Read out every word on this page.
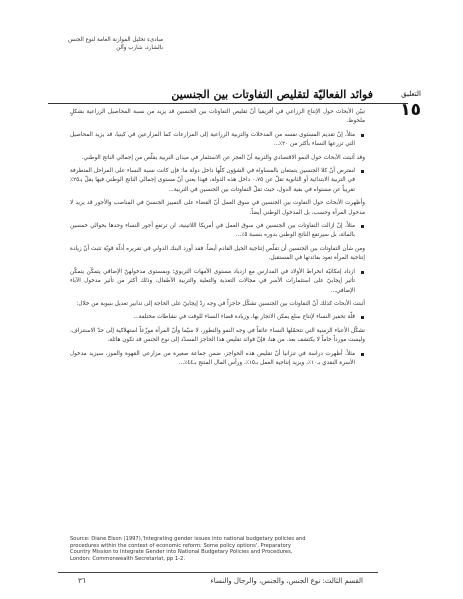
مبادىء تحليل الموازنة العامة لنوع الجنس
بالشارد، شارب وآلن
فوائد الفعاليّة لتقليص التفاوتات بين الجنسين	التعليق
١٥

تبيّن الأبحاث حول الإنتاج الزراعي في أفريقيا أنّ تقليص التفاوتات بين الجنسين قد يزيد من نسبة المحاصيل الزراعية بشكلٍ ملحوظ.

مثلاً، إنّ تقديم المستوى نفسه من المدخلات والتربية الزراعية إلى المزارعات كما المزارعين في كينيا، قد يزيد المحاصيل التي تزرعها النساء بأكثر من ٢٠٪...

وقد أثبتت الأبحاث حول النمو الاقتصادي والتربية أنّ العجز عن الاستثمار في ميدان التربية يقلّص من إجمالي الناتج الوطني.

لنفترض أنّ كلا الجنسين يتمتعان بالمساواة في الشؤون كلّها داخل دولة ما؛ فإن كانت نسبة النساء على المراحل المتطرفة في التربية الابتدائية أو الثانوية تقلّ عن ٠،٧٥ داخل هذه الدولة، فهذا يعني أنّ مستوى إجمالي الناتج الوطني فيها يقلّ بـ٢٥٪ تقريباً عن مستواه في بقية الدول، حيث تقلّ التفاوتات بين الجنسين في التربية...

وأظهرت الأبحاث حول التفاوت بين الجنسين في سوق العمل أنّ القضاء على التمييز الجنسيّ في المناصب والأجور قد يزيد لا مدخول المرأة وحسب، بل المدخول الوطني أيضاً.

مثلاً، إنّ ازالت التفاوتات بين الجنسين في سوق العمل في أمريكا اللاتينية، لن ترتفع أجور النساء وحدها بحوالي خمسين بالمائة، بل سيرتفع الناتج الوطني بدوره بنسبة ٥٪...

ومن شأن التفاوتات بين الجنسين أن تقلّص إنتاجية الجيل القادم أيضاً. فقد أورد البنك الدولي في تقريره أدلّة قويّة تثبت أنّ زيادة إنتاجية المرأة تعود بفائدتها في المستقبل.

ازداد إمكانيّة انخراط الأولاد في المدارس مع ازدياد مستوى الأمهات التربوي؛ وبمستوى مدخولهنّ الإضافي يتمكّن يتمكّن تأثير إيجابيّ على استثمارات الأسر في مجالات التغذية والتعلية والتربية الأطفال، وذلك أكثر من تأثير مدخول الآباء الإضافي...

أثبتت الأبحاث كذلك أنّ التفاوتات بين الجنسين تشكّل حاجزاً في وجه ردّ إيجابيّ على الحاجة إلى تدابير تعديل بنيوية من خلال:

قلّة تحفيز النساء لإنتاج سلع يمكن الاتجار بها، وزيادة قضاء النساء للوقت في نشاطات مختلفة...

تشكّل الأعباء الزمنية التي تتحمّلها النساء عائقاً في وجه النمو والتطور، لا سيّما وأنّ المرأة موزّعاً استهلاكية إلى حدّ الاستنزاف، وليست مورداً خاماً لا يكتشف بعد. من هنا، فإنّ فوائد تقليص هذا الحاجز المسدّد إلى نوع الجنس قد تكون هائلة.

مثلاً، أظهرت دراسة في تنزانيا أنّ تقليص هذه الحواجز، ضمن جماعة صغيرة من مزارعي القهوة والموز، سيزيد مدخول الأسرة النقدي بـ١٠٪، ويزيد إنتاجية العمل بـ١٥٪، ورأس المال المنتج بـ٤٤٪...

Source: Diane Elson (1997),'Integrating gender issues into national budgetary policies and procedures within the context of economic reform: Some policy options', Preparatory Country Mission to Integrate Gender into National Budgetary Policies and Procedures, London: Commonwealth Secretariat, pp 1-2.
القسم الثالث: نوع الجنس، والجنس، والرجال والنساء
٣٦
